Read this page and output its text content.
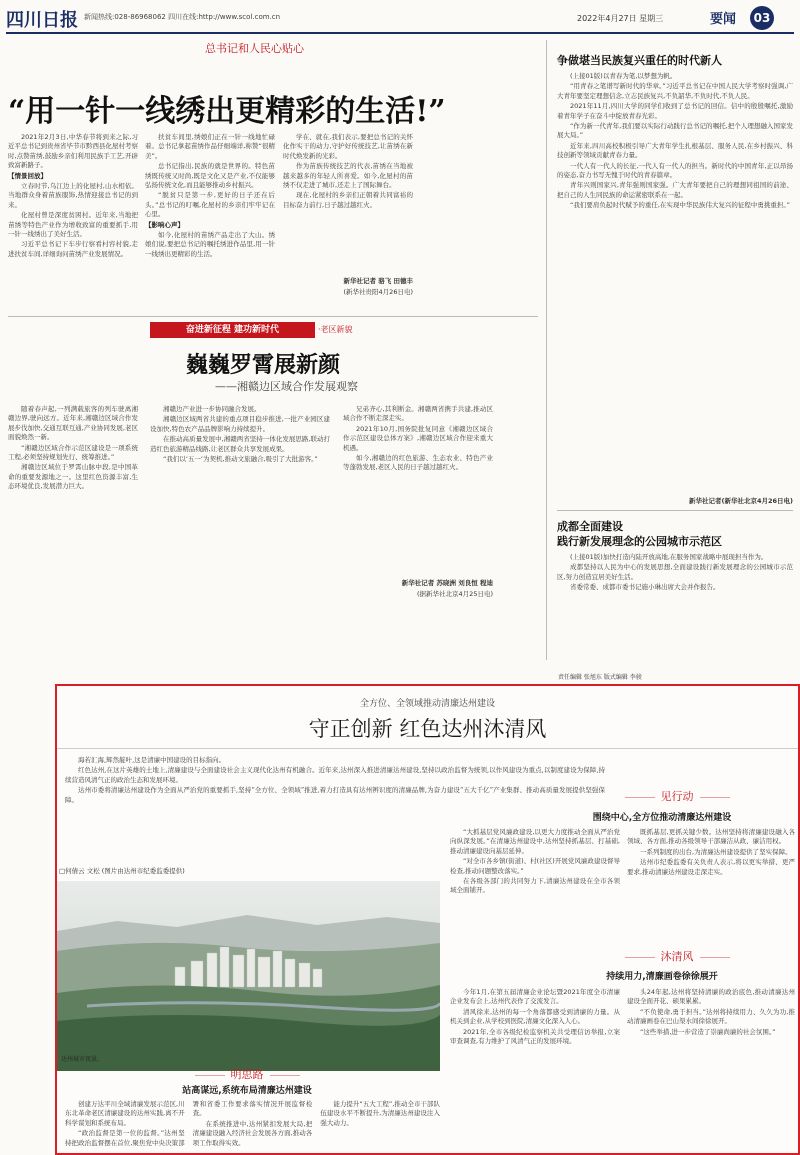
四川日报 新闻热线:028-86968062 四川在线:http://www.scol.com.cn	2022年4月27日 星期三	要闻	03
总书记和人民心贴心
“用一针一线绣出更精彩的生活!”

2021年2月3日,中华春节将到来之际,习近平总书记到贵州省毕节市黔西县化屋村考察时,点赞苗绣,鼓励乡亲们利用民族手工艺,开辟致富新路子。

【情景回放】

立春时节,乌江边上的化屋村,山水相依。当地群众身着苗族服饰,热情迎接总书记的到来。

化屋村曾是深度贫困村。近年来,当地把苗绣等特色产业作为增收致富的重要抓手,用一针一线绣出了美好生活。

习近平总书记下车步行察看村容村貌,走进扶贫车间,详细询问苗绣产业发展情况。

扶贫车间里,绣娘们正在一针一线地忙碌着。总书记拿起苗绣作品仔细端详,称赞“很精美”。

总书记指出,民族的就是世界的。特色苗绣既传统又时尚,既是文化又是产业,不仅能够弘扬传统文化,而且能够推动乡村振兴。

“脱贫只是第一步,更好的日子还在后头。”总书记的叮嘱,化屋村的乡亲们牢牢记在心里。

【影响心声】

如今,化屋村的苗绣产品走出了大山。绣娘们说,要把总书记的嘱托绣进作品里,用一针一线绣出更精彩的生活。

学在、就在,我们表示,要把总书记的关怀化作实干的动力,守护好传统技艺,让苗绣在新时代焕发新的光彩。

作为苗族传统技艺的代表,苗绣在当地被越来越多的年轻人所喜爱。如今,化屋村的苗绣不仅走进了城市,还走上了国际舞台。

现在,化屋村的乡亲们正朝着共同富裕的目标奋力前行,日子越过越红火。

新华社记者 骆飞 田德丰
(新华社贵阳4月26日电)
奋进新征程 建功新时代	·老区新貌
巍巍罗霄展新颜
——湘赣边区域合作发展观察

随着春声起,一列满载旅客的列车驶离湘赣边界,驶向远方。近年来,湘赣边区域合作发展步伐加快,交通互联互通,产业协同发展,老区面貌焕然一新。

“湘赣边区域合作示范区建设是一项系统工程,必须坚持规划先行、统筹推进。”

湘赣边区域位于罗霄山脉中段,是中国革命的重要发源地之一。这里红色资源丰富,生态环境优良,发展潜力巨大。

湘赣边产业进一步协同融合发展。

湘赣边区域两省共建的重点项目稳步推进,一批产业园区建设加快,特色农产品品牌影响力持续提升。

在推动高质量发展中,湘赣两省坚持一体化发展思路,联动打造红色旅游精品线路,让老区群众共享发展成果。

“我们以‘五一’为契机,推动文旅融合,吸引了大批游客。”

兄弟齐心,其利断金。湘赣两省携手共建,推动区域合作不断走深走实。

2021年10月,国务院批复同意《湘赣边区域合作示范区建设总体方案》,湘赣边区域合作迎来重大机遇。

如今,湘赣边的红色旅游、生态农业、特色产业等蓬勃发展,老区人民的日子越过越红火。

新华社记者 苏晓洲 刘良恒 程迪
(据新华社北京4月25日电)
争做堪当民族复兴重任的时代新人

(上接01版)以青春为笔,以梦想为帆。

“用青春之笔谱写新时代的华章。”习近平总书记在中国人民大学考察时强调,广大青年要坚定理想信念,立志民族复兴,不负韶华,不负时代,不负人民。

2021年11月,四川大学的同学们收到了总书记的回信。信中的殷殷嘱托,激励着青年学子在奋斗中绽放青春光彩。

“作为新一代青年,我们要以实际行动践行总书记的嘱托,把个人理想融入国家发展大局。”

近年来,四川高校积极引导广大青年学生扎根基层、服务人民,在乡村振兴、科技创新等领域贡献青春力量。

一代人有一代人的长征,一代人有一代人的担当。新时代的中国青年,正以昂扬的姿态,奋力书写无愧于时代的青春篇章。

青年兴则国家兴,青年强则国家强。广大青年要把自己的理想同祖国的前途、把自己的人生同民族的命运紧密联系在一起。

“我们要肩负起时代赋予的重任,在实现中华民族伟大复兴的征程中勇挑重担。”

新华社记者(新华社北京4月26日电)
成都全面建设
践行新发展理念的公园城市示范区

(上接01版)加快打造内陆开放高地,在服务国家战略中展现担当作为。

成都坚持以人民为中心的发展思想,全面建设践行新发展理念的公园城市示范区,努力创造宜居美好生活。

省委常委、成都市委书记施小琳出席大会并作报告。

责任编辑 张旭东 版式编辑 李骏
全方位、全领域推动清廉达州建设
守正创新 红色达州沐清风

海若汇海,辉然靛叶,这是清廉中国建设的目标指向。

红色达州,在这片英雄的土地上,清廉建设与全面建设社会主义现代化达州有机融合。近年来,达州深入推进清廉达州建设,坚持以政治监督为统领,以作风建设为重点,以制度建设为保障,持续营造风清气正的政治生态和发展环境。

达州市委将清廉达州建设作为全面从严治党的重要抓手,坚持“全方位、全领域”推进,着力打造具有达州辨识度的清廉品牌,为奋力建设“五大千亿”产业集群、推动高质量发展提供坚强保障。

□何倩云 文松 (图片由达州市纪委监委提供)
达州城市夜景。
见行动
围绕中心,全方位推动清廉达州建设

“大抓基层党风廉政建设,以更大力度推动全面从严治党向纵深发展。”在清廉达州建设中,达州坚持抓基层、打基础,推动清廉建设向基层延伸。

“对全市各乡镇(街道)、村(社区)开展党风廉政建设督导检查,推动问题整改落实。”

在各级各部门的共同努力下,清廉达州建设在全市各领域全面铺开。

既抓基层,更抓关键少数。达州坚持将清廉建设融入各领域、各方面,推动各级领导干部廉洁从政、廉洁用权。

一系列制度的出台,为清廉达州建设提供了坚实保障。

达州市纪委监委有关负责人表示,将以更实举措、更严要求,推动清廉达州建设走深走实。

明思路
站高谋远,系统布局清廉达州建设

创建万达平川全域清廉发展示范区,川东北革命老区清廉建设的达州实践,离不开科学谋划和系统布局。

“政治监督是第一位的监督。”达州坚持把政治监督摆在首位,聚焦党中央决策部署和省委工作要求落实情况开展监督检查。

在系统推进中,达州紧扣发展大局,把清廉建设融入经济社会发展各方面,推动各项工作取得实效。

能力提升“五大工程”,推动全市干部队伍建设水平不断提升,为清廉达州建设注入强大动力。

沐清风
持续用力,清廉画卷徐徐展开

今年1月,在第五届清廉企业论坛暨2021年度全市清廉企业发布会上,达州代表作了交流发言。

清风徐来,达州的每一个角落都感受到清廉的力量。从机关到企业,从学校到医院,清廉文化深入人心。

2021年,全市各级纪检监察机关共受理信访举报,立案审查调查,有力维护了风清气正的发展环境。

头24年起,达州将坚持清廉的政治底色,推动清廉达州建设全面开花、硕果累累。

“不负使命,勇于担当。”达州将持续用力、久久为功,推动清廉画卷在巴山渠水间徐徐展开。

“这些举措,进一步营造了崇廉尚廉的社会氛围。”
